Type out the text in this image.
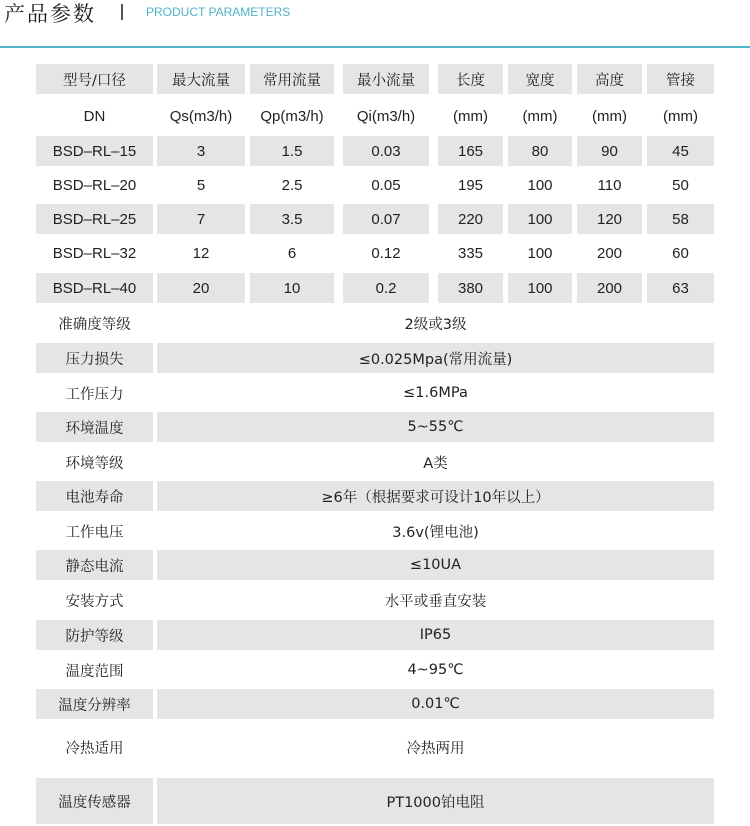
产品参数	PRODUCT PARAMETERS
型号/口径	最大流量	常用流量	最小流量	长度	宽度	高度	管接
DN	Qs(m3/h)	Qp(m3/h)	Qi(m3/h)	(mm)	(mm)	(mm)	(mm)
BSD–RL–15	3	1.5	0.03	165	80	90	45
BSD–RL–20	5	2.5	0.05	195	100	110	50
BSD–RL–25	7	3.5	0.07	220	100	120	58
BSD–RL–32	12	6	0.12	335	100	200	60
BSD–RL–40	20	10	0.2	380	100	200	63
准确度等级	2级或3级
压力损失	≤0.025Mpa(常用流量)
工作压力	≤1.6MPa
环境温度	5~55℃
环境等级	A类
电池寿命	≥6年（根据要求可设计10年以上）
工作电压	3.6v(锂电池)
静态电流	≤10UA
安装方式	水平或垂直安装
防护等级	IP65
温度范围	4~95℃
温度分辨率	0.01℃
冷热适用	冷热两用
温度传感器	PT1000铂电阻
